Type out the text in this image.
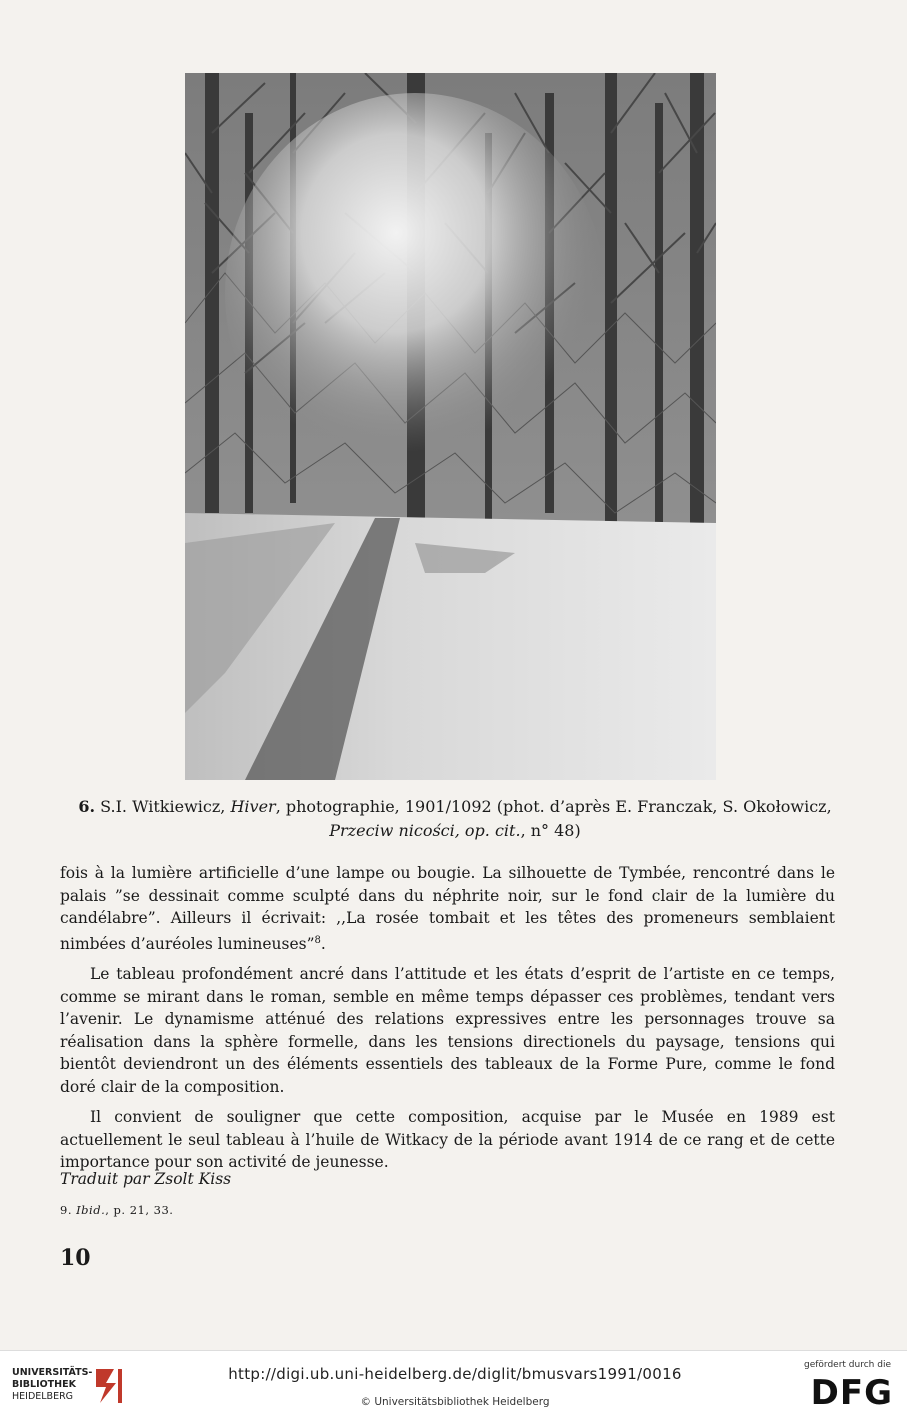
6. S.I. Witkiewicz, Hiver, photographie, 1901/1092 (phot. d’après E. Franczak, S. Okołowicz,
Przeciw nicości, op. cit., n° 48)

fois à la lumière artificielle d’une lampe ou bougie. La silhouette de Tymbée, rencontré dans le palais ”se dessinait comme sculpté dans du néphrite noir, sur le fond clair de la lumière du candélabre”. Ailleurs il écrivait: ,,La rosée tombait et les têtes des promeneurs semblaient nimbées d’auréoles lumineuses”$^8$.

Le tableau profondément ancré dans l’attitude et les états d’esprit de l’artiste en ce temps, comme se mirant dans le roman, semble en même temps dépasser ces problèmes, tendant vers l’avenir. Le dynamisme atténué des relations expressives entre les personnages trouve sa réalisation dans la sphère formelle, dans les tensions directionels du paysage, tensions qui bientôt deviendront un des éléments essentiels des tableaux de la Forme Pure, comme le fond doré clair de la composition.

Il convient de souligner que cette composition, acquise par le Musée en 1989 est actuellement le seul tableau à l’huile de Witkacy de la période avant 1914 de ce rang et de cette importance pour son activité de jeunesse.

Traduit par Zsolt Kiss
9. Ibid., p. 21, 33.
10
UNIVERSITÄTS-
BIBLIOTHEK
HEIDELBERG
http://digi.ub.uni-heidelberg.de/diglit/bmusvars1991/0016
© Universitätsbibliothek Heidelberg
gefördert durch die
DFG
